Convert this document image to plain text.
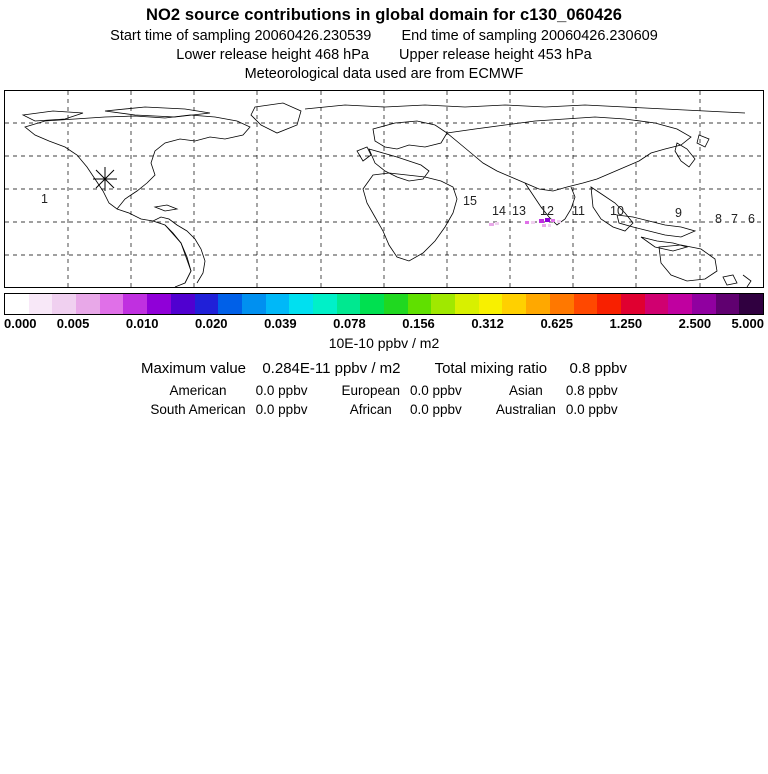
NO2 source contributions in global domain for c130_060426
Start time of sampling 20060426.230539 End time of sampling 20060426.230609
Lower release height 468 hPa Upper release height 453 hPa
Meteorological data used are from ECMWF
1	15
14 13 12 11 10	9	8 7 6
0.000 0.005	0.010	0.020	0.039	0.078	0.156	0.312	0.625	1.250	2.500 5.000
10E-10 ppbv / m2
Maximum value 0.284E-11 ppbv / m2 Total mixing ratio 0.8 ppbv
American	0.0 ppbv	European	0.0 ppbv	Asian	0.8 ppbv
South American	0.0 ppbv	African	0.0 ppbv	Australian	0.0 ppbv
